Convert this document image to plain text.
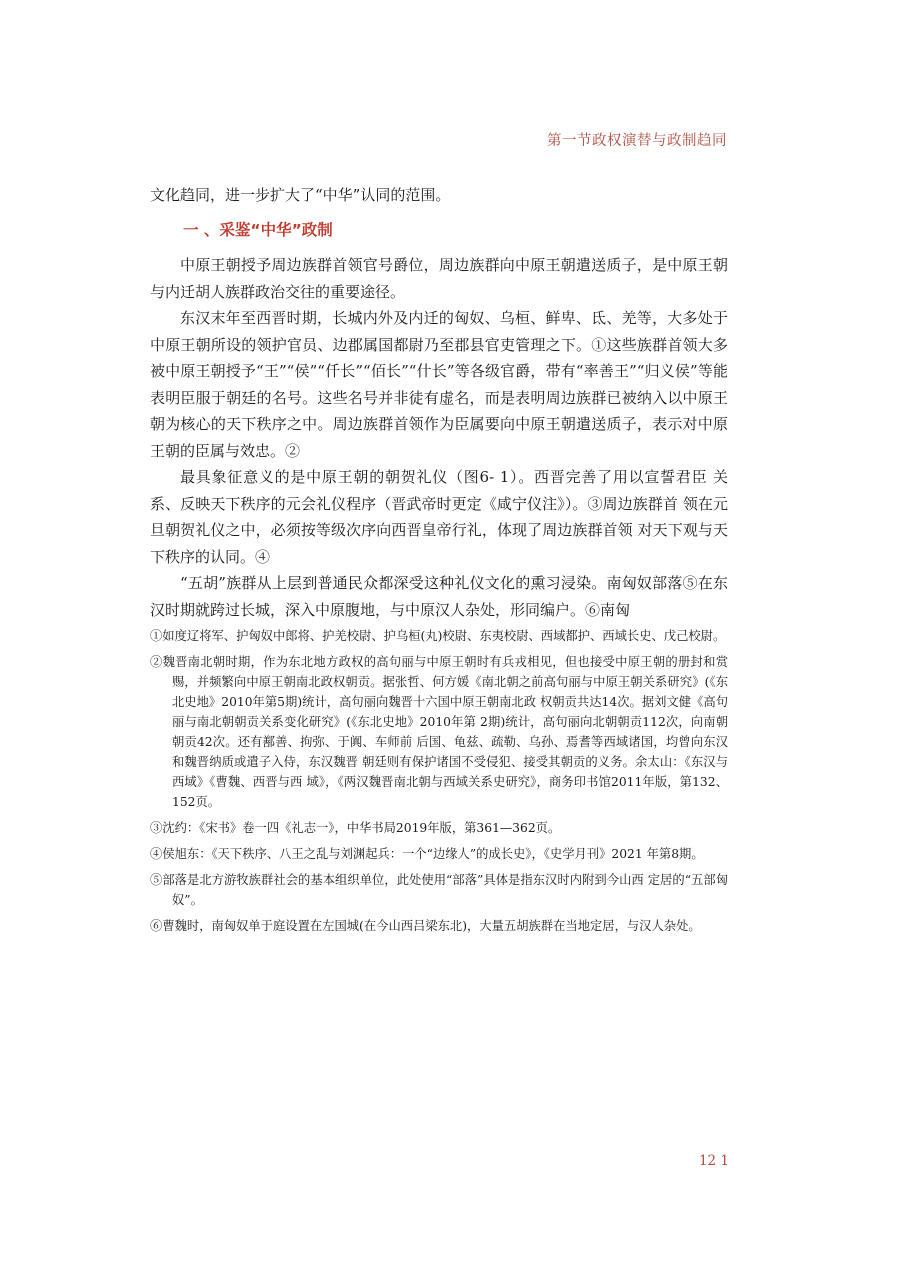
第一节政权演替与政制趋同

文化趋同，进一步扩大了“中华”认同的范围。

一 、采鉴“中华”政制

中原王朝授予周边族群首领官号爵位，周边族群向中原王朝遣送质子，是中原王朝与内迁胡人族群政治交往的重要途径。

东汉末年至西晋时期，长城内外及内迁的匈奴、乌桓、鲜卑、氐、羌等，大多处于中原王朝所设的领护官员、边郡属国都尉乃至郡县官吏管理之下。①这些族群首领大多被中原王朝授予“王”“侯”“仟长”“佰长”“什长”等各级官爵，带有“率善王”“归义侯”等能表明臣服于朝廷的名号。这些名号并非徒有虚名，而是表明周边族群已被纳入以中原王朝为核心的天下秩序之中。周边族群首领作为臣属要向中原王朝遣送质子，表示对中原王朝的臣属与效忠。②

最具象征意义的是中原王朝的朝贺礼仪（图6- 1）。西晋完善了用以宣誓君臣 关系、反映天下秩序的元会礼仪程序（晋武帝时更定《咸宁仪注》）。③周边族群首 领在元旦朝贺礼仪之中，必须按等级次序向西晋皇帝行礼，体现了周边族群首领 对天下观与天下秩序的认同。④

“五胡”族群从上层到普通民众都深受这种礼仪文化的熏习浸染。南匈奴部落⑤在东汉时期就跨过长城，深入中原腹地，与中原汉人杂处，形同编户。⑥南匈

①如度辽将军、护匈奴中郎将、护羌校尉、护乌桓(丸)校尉、东夷校尉、西域都护、西域长史、戊己校尉。

②魏晋南北朝时期，作为东北地方政权的高句丽与中原王朝时有兵戎相见，但也接受中原王朝的册封和赏赐，并频繁向中原王朝南北政权朝贡。据张哲、何方媛《南北朝之前高句丽与中原王朝关系研究》(《东北史地》2010年第5期)统计，高句丽向魏晋十六国中原王朝南北政 权朝贡共达14次。据刘文健《高句丽与南北朝朝贡关系变化研究》(《东北史地》2010年第 2期)统计，高句丽向北朝朝贡112次，向南朝朝贡42次。还有鄯善、拘弥、于阗、车师前 后国、龟兹、疏勒、乌孙、焉耆等西域诸国，均曾向东汉和魏晋纳质或遣子入侍，东汉魏晋 朝廷则有保护诸国不受侵犯、接受其朝贡的义务。余太山：《东汉与西域》《曹魏、西晋与西 域》，《两汉魏晋南北朝与西域关系史研究》，商务印书馆2011年版，第132、152页。

③沈约：《宋书》卷一四《礼志一》，中华书局2019年版，第361—362页。

④侯旭东：《天下秩序、八王之乱与刘渊起兵：一个“边缘人”的成长史》，《史学月刊》2021 年第8期。

⑤部落是北方游牧族群社会的基本组织单位，此处使用“部落”具体是指东汉时内附到今山西 定居的“五部匈奴”。

⑥曹魏时，南匈奴单于庭设置在左国城(在今山西吕梁东北)，大量五胡族群在当地定居，与汉人杂处。

12 1
